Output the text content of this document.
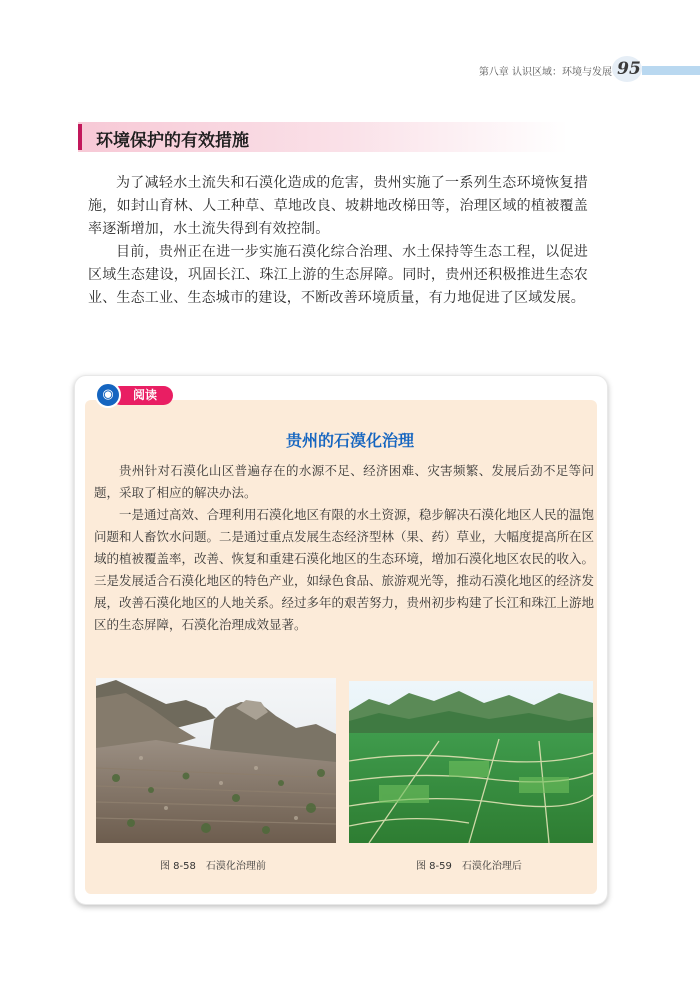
第八章 认识区域：环境与发展 95
环境保护的有效措施

为了减轻水土流失和石漠化造成的危害，贵州实施了一系列生态环境恢复措施，如封山育林、人工种草、草地改良、坡耕地改梯田等，治理区域的植被覆盖率逐渐增加，水土流失得到有效控制。

目前，贵州正在进一步实施石漠化综合治理、水土保持等生态工程，以促进区域生态建设，巩固长江、珠江上游的生态屏障。同时，贵州还积极推进生态农业、生态工业、生态城市的建设，不断改善环境质量，有力地促进了区域发展。

阅读
◉
贵州的石漠化治理

贵州针对石漠化山区普遍存在的水源不足、经济困难、灾害频繁、发展后劲不足等问题，采取了相应的解决办法。

一是通过高效、合理利用石漠化地区有限的水土资源，稳步解决石漠化地区人民的温饱问题和人畜饮水问题。二是通过重点发展生态经济型林（果、药）草业，大幅度提高所在区域的植被覆盖率，改善、恢复和重建石漠化地区的生态环境，增加石漠化地区农民的收入。三是发展适合石漠化地区的特色产业，如绿色食品、旅游观光等，推动石漠化地区的经济发展，改善石漠化地区的人地关系。经过多年的艰苦努力，贵州初步构建了长江和珠江上游地区的生态屏障，石漠化治理成效显著。

图 8-58 石漠化治理前	图 8-59 石漠化治理后
